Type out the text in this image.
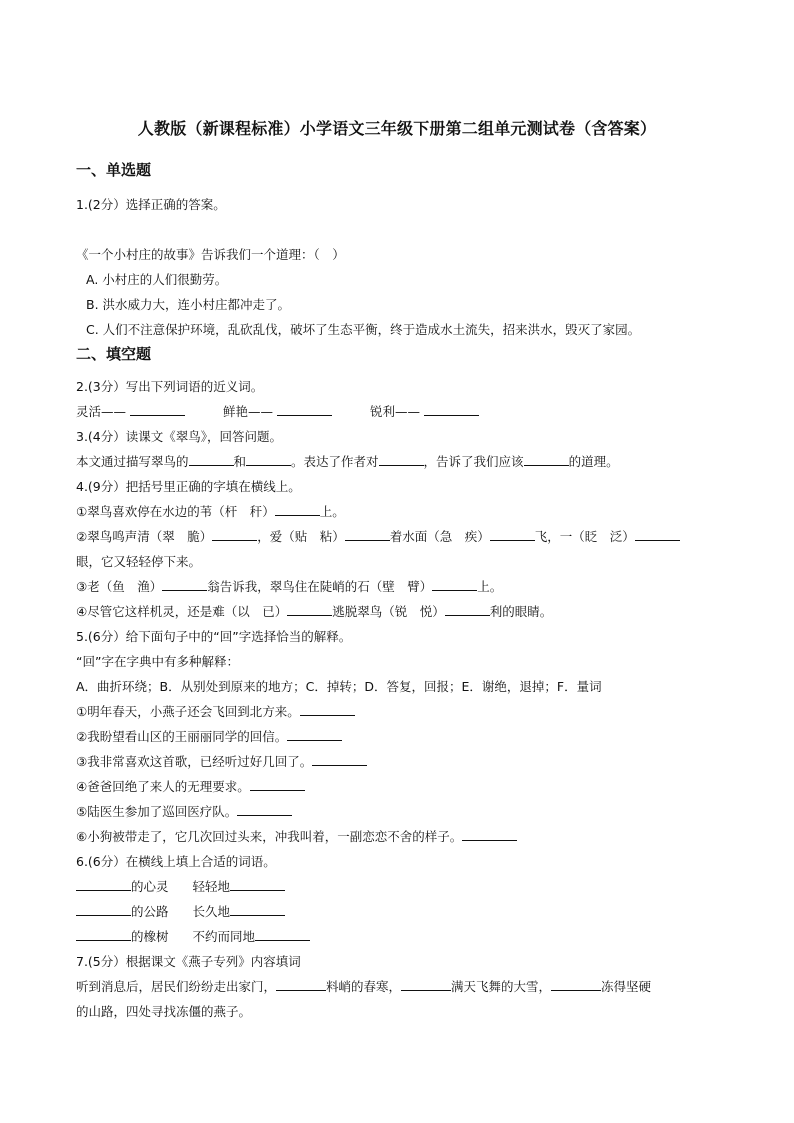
人教版（新课程标准）小学语文三年级下册第二组单元测试卷（含答案）
一、单选题
1.(2分）选择正确的答案。
《一个小村庄的故事》告诉我们一个道理：（　）
A. 小村庄的人们很勤劳。
B. 洪水威力大，连小村庄都冲走了。
C. 人们不注意保护环境，乱砍乱伐，破坏了生态平衡，终于造成水土流失，招来洪水，毁灭了家园。
二、填空题
2.(3分）写出下列词语的近义词。
灵活——	鲜艳——	锐利——
3.(4分）读课文《翠鸟》，回答问题。
本文通过描写翠鸟的	和	。表达了作者对	，告诉了我们应该	的道理。
4.(9分）把括号里正确的字填在横线上。
①翠鸟喜欢停在水边的苇（杆　秆）	上。
②翠鸟鸣声清（翠　脆）	，爱（贴　粘）	着水面（急　疾）	飞，一（眨　泛）
眼，它又轻轻停下来。
③老（鱼　渔）	翁告诉我，翠鸟住在陡峭的石（壁　臂）	上。
④尽管它这样机灵，还是难（以　已）	逃脱翠鸟（锐　悦）	利的眼睛。
5.(6分）给下面句子中的“回”字选择恰当的解释。
“回”字在字典中有多种解释：
A．曲折环绕；B．从别处到原来的地方；C．掉转；D．答复，回报；E．谢绝，退掉；F．量词
①明年春天，小燕子还会飞回到北方来。
②我盼望看山区的王丽丽同学的回信。
③我非常喜欢这首歌，已经听过好几回了。
④爸爸回绝了来人的无理要求。
⑤陆医生参加了巡回医疗队。
⑥小狗被带走了，它几次回过头来，冲我叫着，一副恋恋不舍的样子。
6.(6分）在横线上填上合适的词语。
的心灵 轻轻地
的公路 长久地
的橡树 不约而同地
7.(5分）根据课文《燕子专列》内容填词
听到消息后，居民们纷纷走出家门，	料峭的春寒，	满天飞舞的大雪，	冻得坚硬
的山路，四处寻找冻僵的燕子。
